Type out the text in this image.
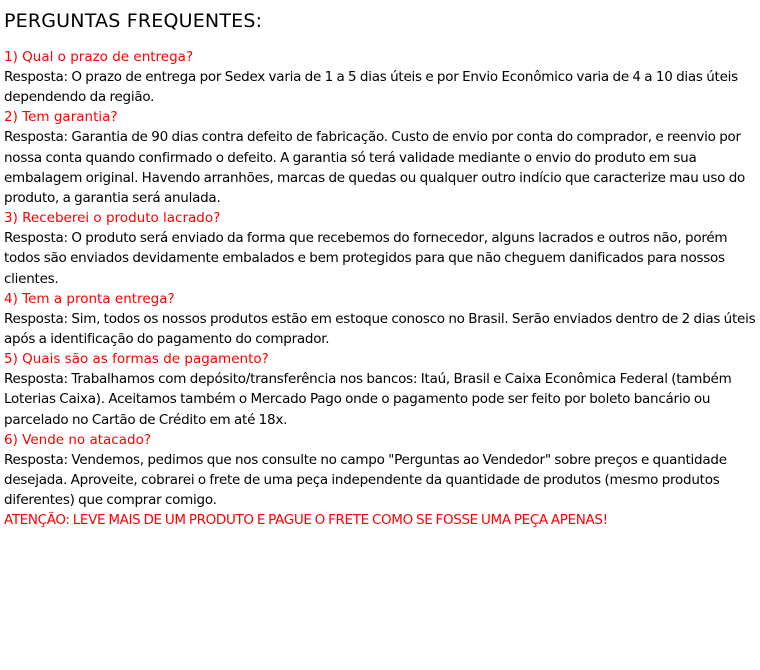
PERGUNTAS FREQUENTES:

1) Qual o prazo de entrega?

Resposta: O prazo de entrega por Sedex varia de 1 a 5 dias úteis e por Envio Econômico varia de 4 a 10 dias úteis dependendo da região.

2) Tem garantia?

Resposta: Garantia de 90 dias contra defeito de fabricação. Custo de envio por conta do comprador, e reenvio por nossa conta quando confirmado o defeito. A garantia só terá validade mediante o envio do produto em sua embalagem original. Havendo arranhões, marcas de quedas ou qualquer outro indício que caracterize mau uso do produto, a garantia será anulada.

3) Receberei o produto lacrado?

Resposta: O produto será enviado da forma que recebemos do fornecedor, alguns lacrados e outros não, porém todos são enviados devidamente embalados e bem protegidos para que não cheguem danificados para nossos clientes.

4) Tem a pronta entrega?

Resposta: Sim, todos os nossos produtos estão em estoque conosco no Brasil. Serão enviados dentro de 2 dias úteis após a identificação do pagamento do comprador.

5) Quais são as formas de pagamento?

Resposta: Trabalhamos com depósito/transferência nos bancos: Itaú, Brasil e Caixa Econômica Federal (também Loterias Caixa). Aceitamos também o Mercado Pago onde o pagamento pode ser feito por boleto bancário ou parcelado no Cartão de Crédito em até 18x.

6) Vende no atacado?

Resposta: Vendemos, pedimos que nos consulte no campo "Perguntas ao Vendedor" sobre preços e quantidade desejada. Aproveite, cobrarei o frete de uma peça independente da quantidade de produtos (mesmo produtos diferentes) que comprar comigo.

ATENÇÃO: LEVE MAIS DE UM PRODUTO E PAGUE O FRETE COMO SE FOSSE UMA PEÇA APENAS!
